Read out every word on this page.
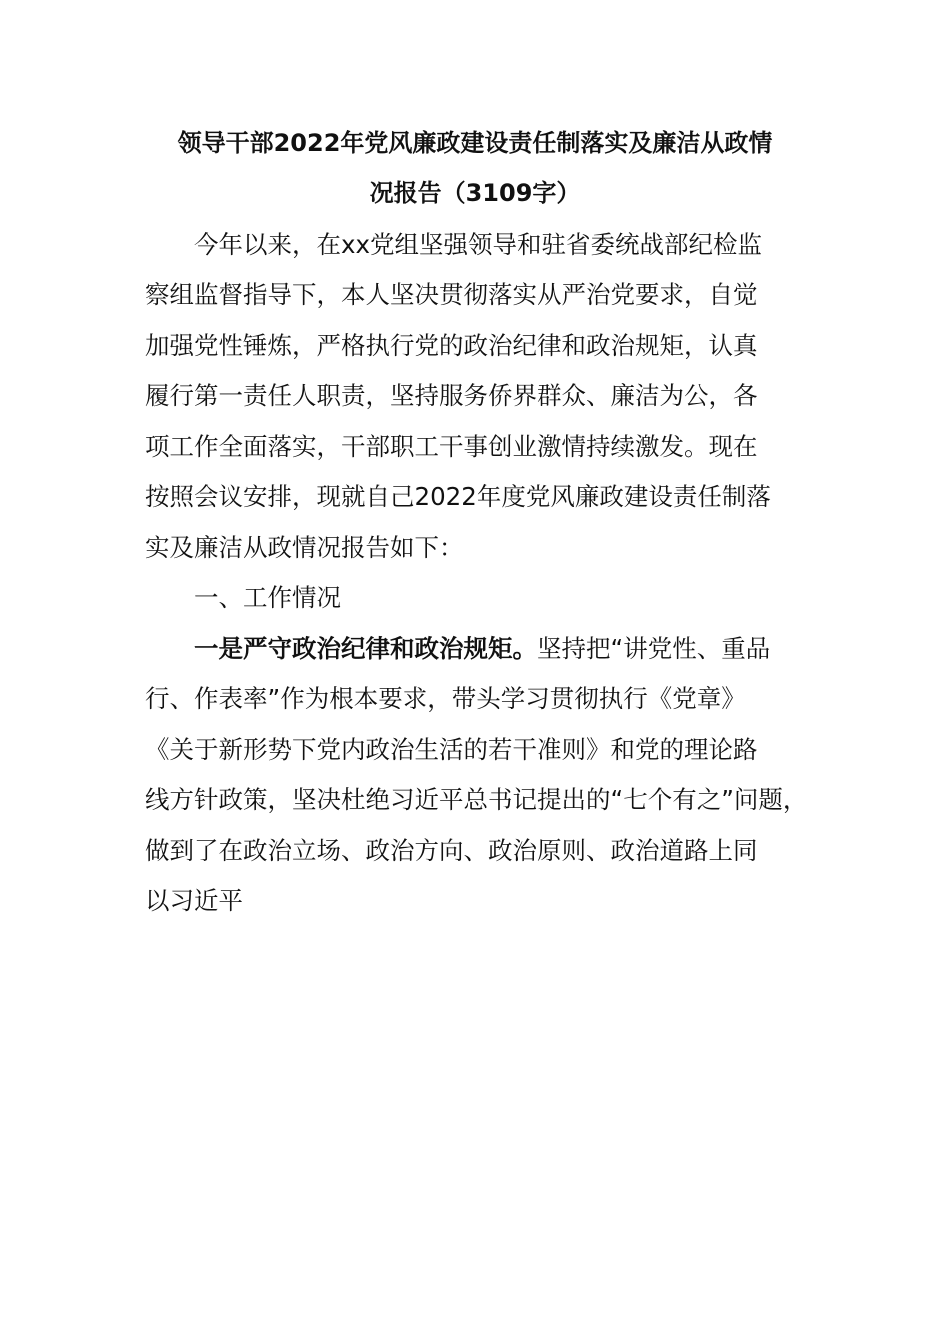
领导干部2022年党风廉政建设责任制落实及廉洁从政情
况报告（3109字）
今年以来，在xx党组坚强领导和驻省委统战部纪检监
察组监督指导下，本人坚决贯彻落实从严治党要求，自觉
加强党性锤炼，严格执行党的政治纪律和政治规矩，认真
履行第一责任人职责，坚持服务侨界群众、廉洁为公，各
项工作全面落实，干部职工干事创业激情持续激发。现在
按照会议安排，现就自己2022年度党风廉政建设责任制落
实及廉洁从政情况报告如下：
一、工作情况
一是严守政治纪律和政治规矩。坚持把“讲党性、重品
行、作表率”作为根本要求，带头学习贯彻执行《党章》
《关于新形势下党内政治生活的若干准则》和党的理论路
线方针政策，坚决杜绝习近平总书记提出的“七个有之”问题，
做到了在政治立场、政治方向、政治原则、政治道路上同
以习近平
